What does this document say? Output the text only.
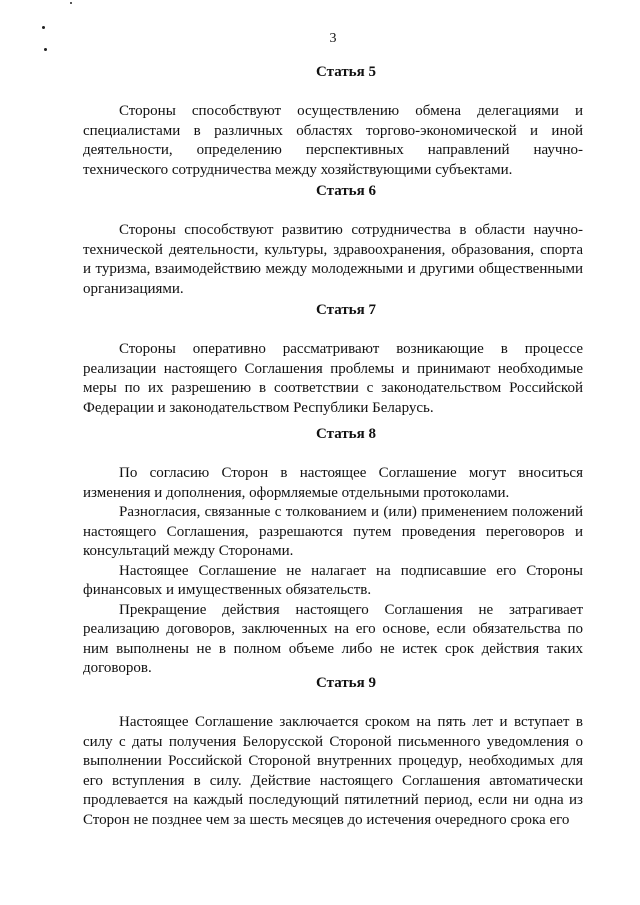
3
Статья 5

Стороны способствуют осуществлению обмена делегациями и специалистами в различных областях торгово-экономической и иной деятельности, определению перспективных направлений научно-технического сотрудничества между хозяйствующими субъектами.

Статья 6

Стороны способствуют развитию сотрудничества в области научно-технической деятельности, культуры, здравоохранения, образования, спорта и туризма, взаимодействию между молодежными и другими общественными организациями.

Статья 7

Стороны оперативно рассматривают возникающие в процессе реализации настоящего Соглашения проблемы и принимают необходимые меры по их разрешению в соответствии с законодательством Российской Федерации и законодательством Республики Беларусь.

Статья 8

По согласию Сторон в настоящее Соглашение могут вноситься изменения и дополнения, оформляемые отдельными протоколами.

Разногласия, связанные с толкованием и (или) применением положений настоящего Соглашения, разрешаются путем проведения переговоров и консультаций между Сторонами.

Настоящее Соглашение не налагает на подписавшие его Стороны финансовых и имущественных обязательств.

Прекращение действия настоящего Соглашения не затрагивает реализацию договоров, заключенных на его основе, если обязательства по ним выполнены не в полном объеме либо не истек срок действия таких договоров.

Статья 9

Настоящее Соглашение заключается сроком на пять лет и вступает в силу с даты получения Белорусской Стороной письменного уведомления о выполнении Российской Стороной внутренних процедур, необходимых для его вступления в силу. Действие настоящего Соглашения автоматически продлевается на каждый последующий пятилетний период, если ни одна из Сторон не позднее чем за шесть месяцев до истечения очередного срока его
